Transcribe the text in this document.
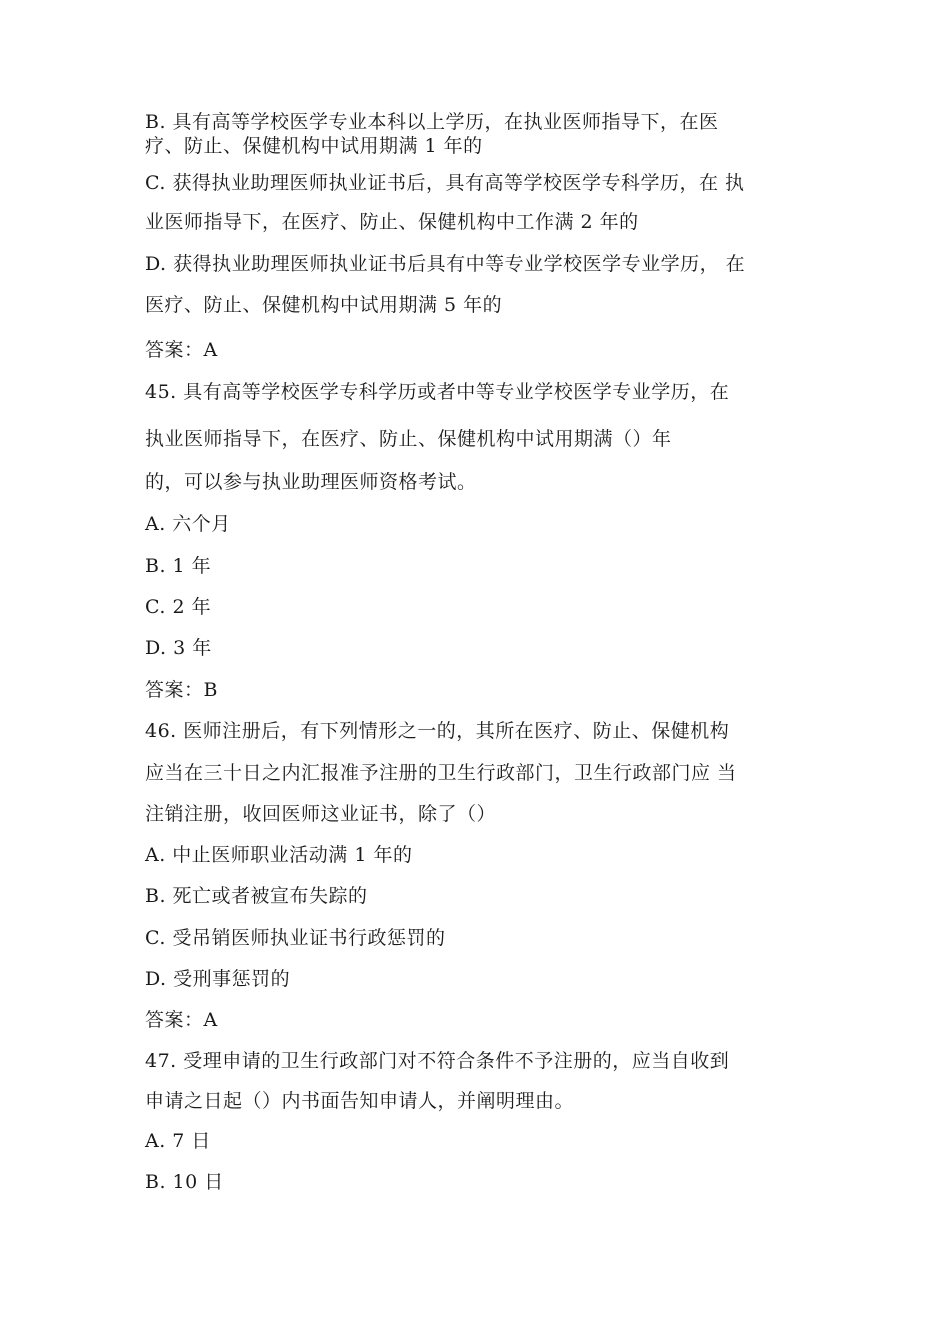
B. 具有高等学校医学专业本科以上学历，在执业医师指导下，在医

疗、防止、保健机构中试用期满 1 年的

C. 获得执业助理医师执业证书后，具有高等学校医学专科学历，在 执

业医师指导下，在医疗、防止、保健机构中工作满 2 年的

D. 获得执业助理医师执业证书后具有中等专业学校医学专业学历， 在

医疗、防止、保健机构中试用期满 5 年的

答案：A

45. 具有高等学校医学专科学历或者中等专业学校医学专业学历，在

执业医师指导下，在医疗、防止、保健机构中试用期满（）年

的，可以参与执业助理医师资格考试。

A. 六个月

B. 1 年

C. 2 年

D. 3 年

答案：B

46. 医师注册后，有下列情形之一的，其所在医疗、防止、保健机构

应当在三十日之内汇报准予注册的卫生行政部门，卫生行政部门应 当

注销注册，收回医师这业证书，除了（）

A. 中止医师职业活动满 1 年的

B. 死亡或者被宣布失踪的

C. 受吊销医师执业证书行政惩罚的

D. 受刑事惩罚的

答案：A

47. 受理申请的卫生行政部门对不符合条件不予注册的，应当自收到

申请之日起（）内书面告知申请人，并阐明理由。

A. 7 日

B. 10 日
